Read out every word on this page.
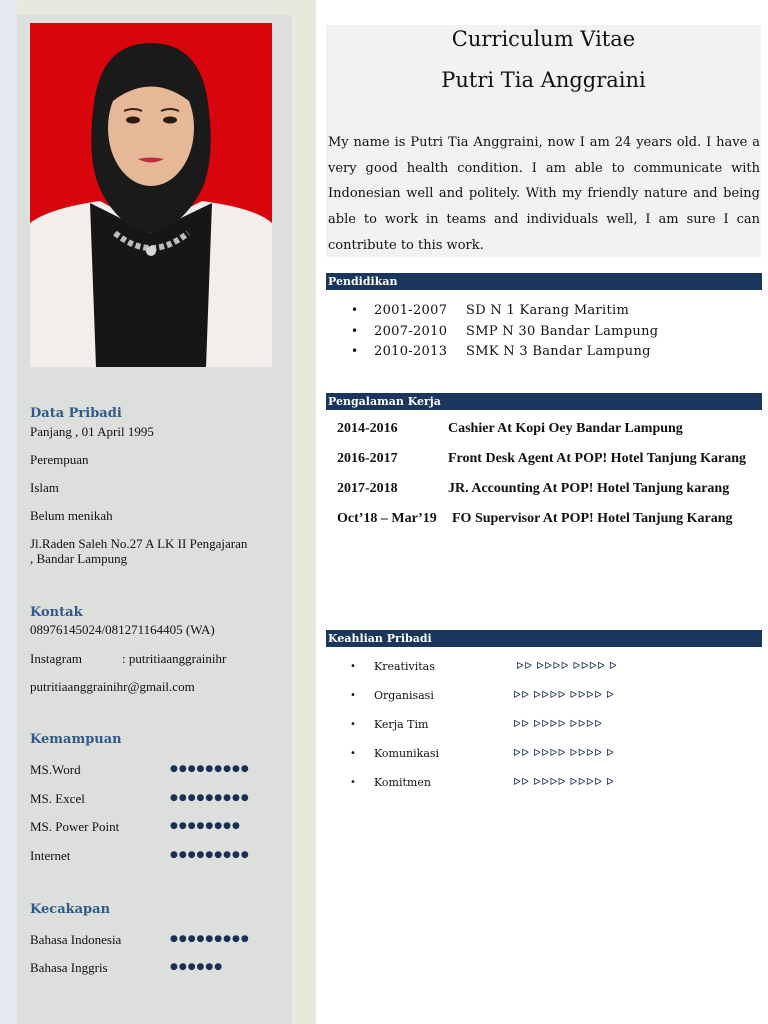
Data Pribadi
Panjang , 01 April 1995
Perempuan
Islam
Belum menikah
Jl.Raden Saleh No.27 A LK II Pengajaran
, Bandar Lampung
Kontak
08976145024/081271164405 (WA)
Instagram	: putritiaanggrainihr
putritiaanggrainihr@gmail.com
Kemampuan
MS.Word	●●●●●●●●●
MS. Excel	●●●●●●●●●
MS. Power Point	●●●●●●●●
Internet	●●●●●●●●●
Kecakapan
Bahasa Indonesia	●●●●●●●●●
Bahasa Inggris	●●●●●●
Curriculum Vitae
Putri Tia Anggraini
My name is Putri Tia Anggraini, now I am 24 years old. I have a very good health condition. I am able to communicate with Indonesian well and politely. With my friendly nature and being able to work in teams and individuals well, I am sure I can contribute to this work.
Pendidikan
• 2001-2007 SD N 1 Karang Maritim
• 2007-2010 SMP N 30 Bandar Lampung
• 2010-2013 SMK N 3 Bandar Lampung
Pengalaman Kerja
2014-2016	Cashier At Kopi Oey Bandar Lampung
2016-2017	Front Desk Agent At POP! Hotel Tanjung Karang
2017-2018	JR. Accounting At POP! Hotel Tanjung karang
Oct’18 – Mar’19 FO Supervisor At POP! Hotel Tanjung Karang
Keahlian Pribadi
• Kreativitas	ᐅᐅ ᐅᐅᐅᐅ ᐅᐅᐅᐅ ᐅ
• Organisasi	ᐅᐅ ᐅᐅᐅᐅ ᐅᐅᐅᐅ ᐅ
• Kerja Tim	ᐅᐅ ᐅᐅᐅᐅ ᐅᐅᐅᐅ
• Komunikasi	ᐅᐅ ᐅᐅᐅᐅ ᐅᐅᐅᐅ ᐅ
• Komitmen	ᐅᐅ ᐅᐅᐅᐅ ᐅᐅᐅᐅ ᐅ
